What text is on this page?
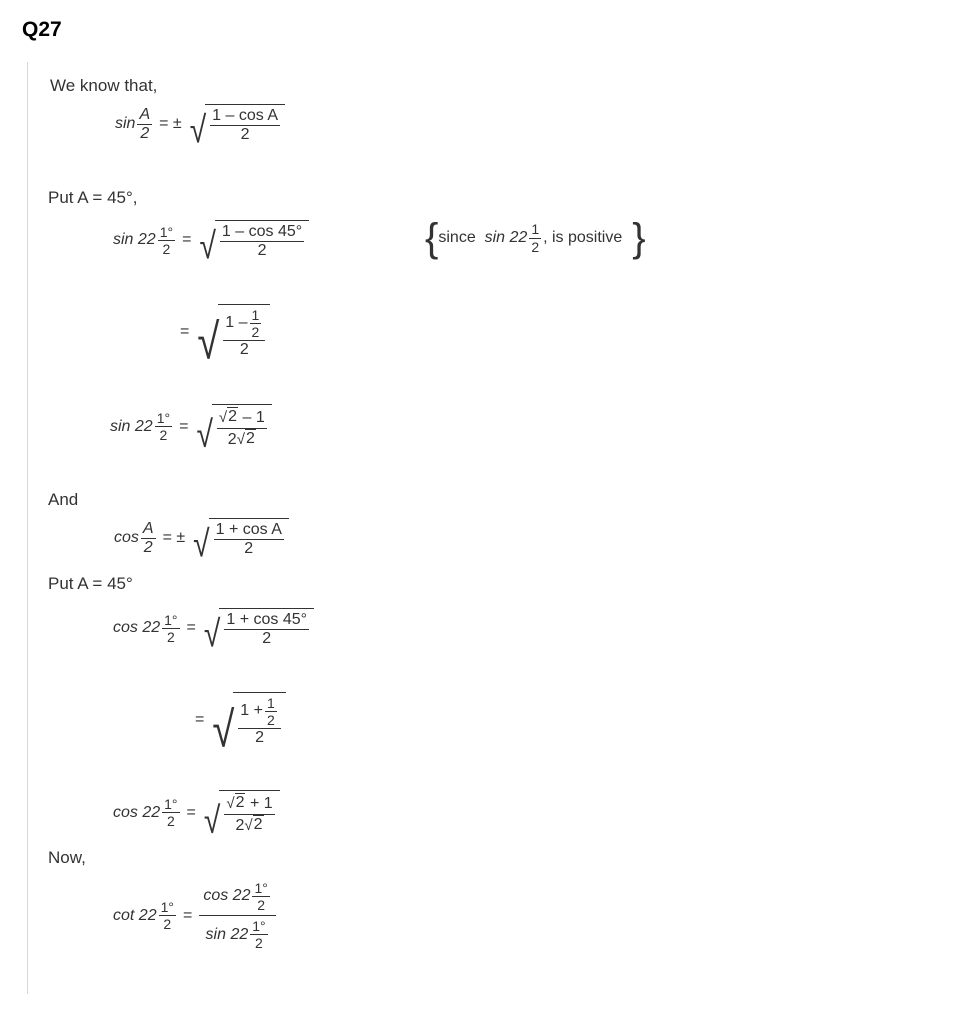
Q27
We know that,
$\sin \frac{A}{2}$ = ± √ $\frac{\text{1 – cos A}}{2}$
Put A = 45°,
$\sin 22 \frac{1^\circ}{2}$ = √ $\frac{1 - \cos 45^\circ}{2}$	{ since
$\sin 22 \frac{1}{2}$ , is positive }
= √ $\frac{1 - \frac{1}{2}}{2}$
$\sin 22 \frac{1^\circ}{2}$ = √ $\frac{√ 2 - 1}{2 √ 2}$
And
$\cos \frac{A}{2}$ = ± √ $\frac{\text{1 + cos A}}{2}$
Put A = 45°
$\cos 22 \frac{1^\circ}{2}$ = √ $\frac{1 + \cos 45^\circ}{2}$
= √ $\frac{1 + \frac{1}{2}}{2}$
$\cos 22 \frac{1^\circ}{2}$ = √ $\frac{√ 2 + 1}{2 √ 2}$
Now,
$\cot 22 \frac{1^\circ}{2} = \frac{\cos 22 \frac{1^\circ}{2}}{\sin 22 \frac{1^\circ}{2}}$
